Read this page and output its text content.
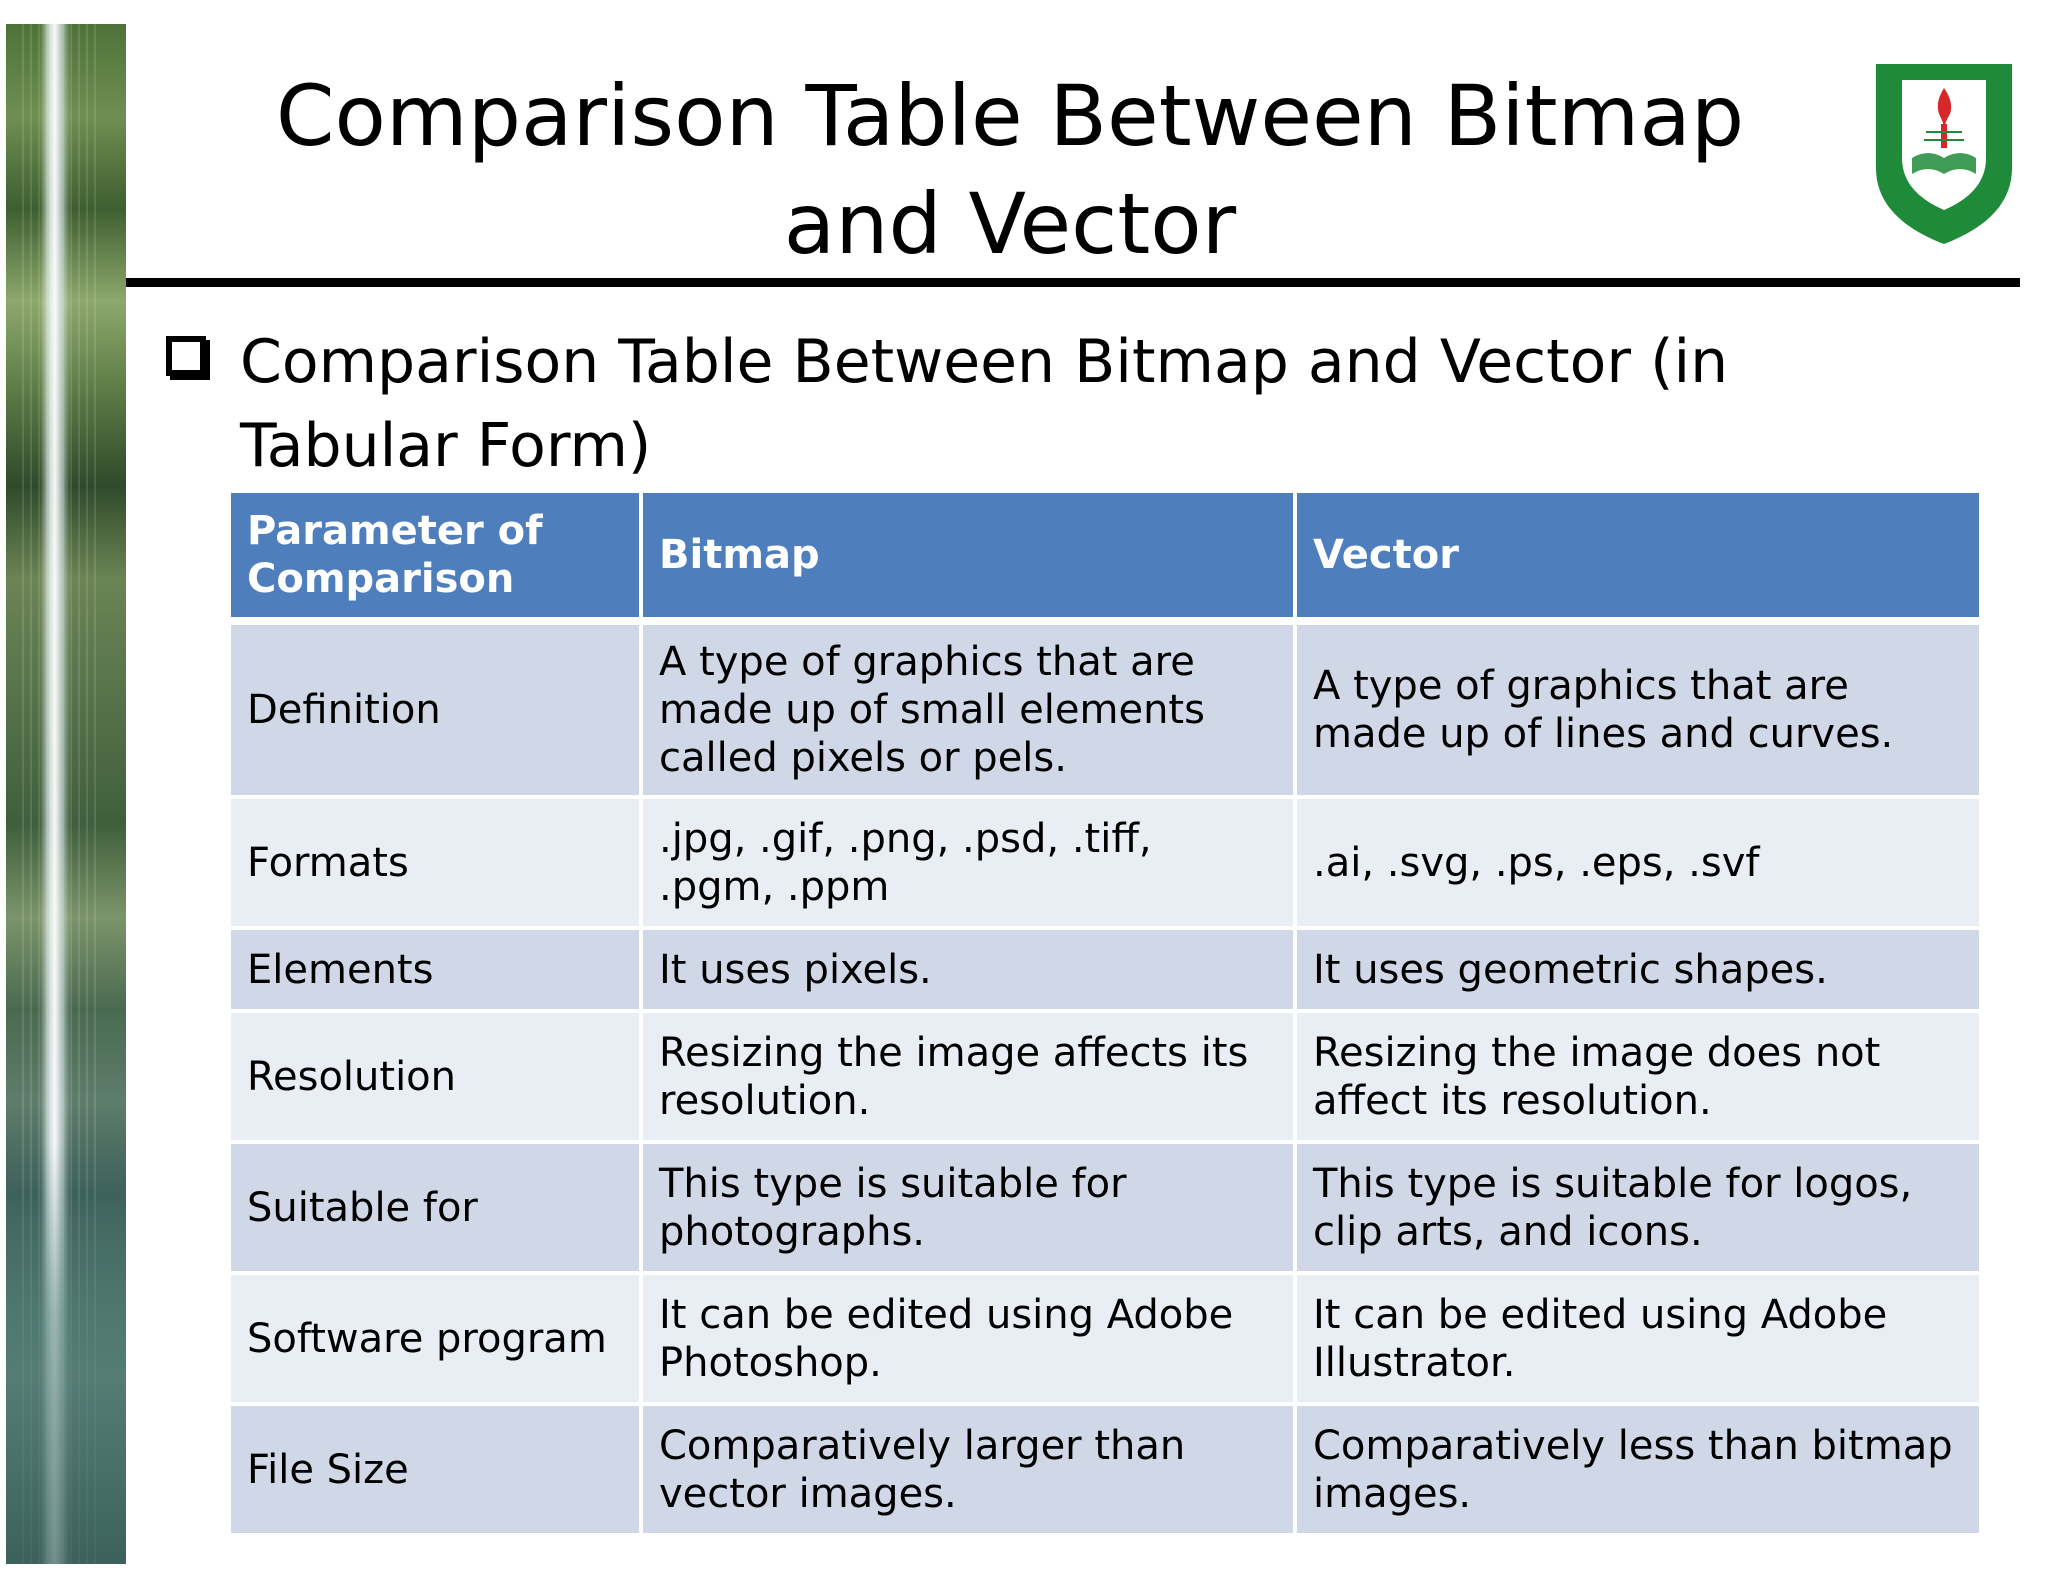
Comparison Table Between Bitmap and Vector
Comparison Table Between Bitmap and Vector (in Tabular Form)
Parameter of Comparison	Bitmap	Vector
Definition	A type of graphics that are made up of small elements called pixels or pels.	A type of graphics that are made up of lines and curves.
Formats	.jpg, .gif, .png, .psd, .tiff, .pgm, .ppm	.ai, .svg, .ps, .eps, .svf
Elements	It uses pixels.	It uses geometric shapes.
Resolution	Resizing the image affects its resolution.	Resizing the image does not affect its resolution.
Suitable for	This type is suitable for photographs.	This type is suitable for logos, clip arts, and icons.
Software program	It can be edited using Adobe Photoshop.	It can be edited using Adobe Illustrator.
File Size	Comparatively larger than vector images.	Comparatively less than bitmap images.
